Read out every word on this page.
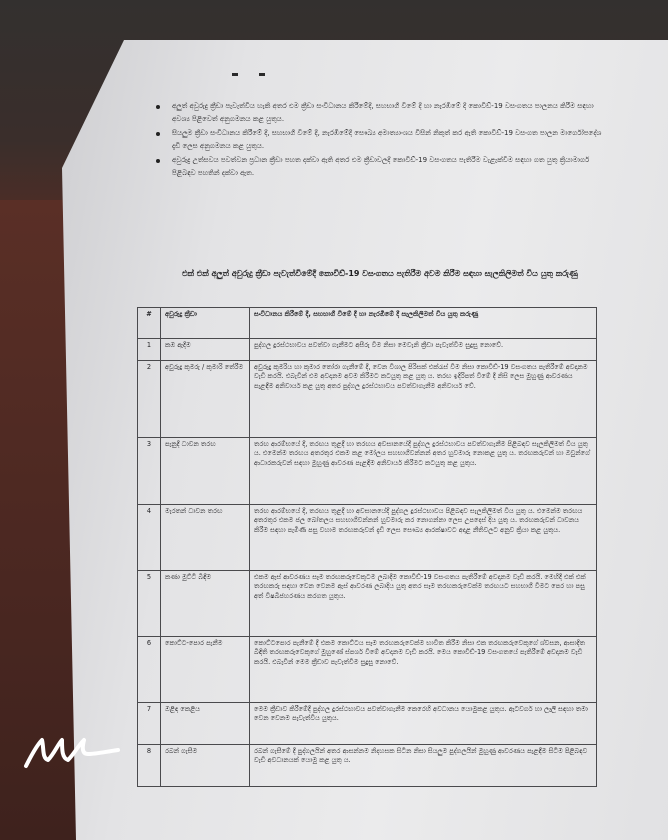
අලුත් අවුරුදු ක්‍රීඩා පැවැත්විය හැකි අතර එම ක්‍රීඩා සංවිධානය කිරීමේදී, සහභාගී වීමේ දී හා නැරඹීමේ දී කොවිඩ්-19 වසංගතය පාලනය කිරීම සඳහා අවශ්‍ය පිළිවෙත් අනුගමනය කළ යුතුය.
සියලුම ක්‍රීඩා සංවිධානය කිරීමේ දී, සහභාගී වීමේ දී, නැරඹීමේදී සෞඛ්‍ය අමාත්‍යාංශය විසින් නිකුත් කර ඇති කොවිඩ්-19 වසංගත පාලන මාර්ගෝපදේශ දැඩි ලෙස අනුගමනය කළ යුතුය.
අවුරුදු උත්සවය පවත්වන ප්‍රධාන ක්‍රීඩා පහත දක්වා ඇති අතර එම ක්‍රීඩාවලදී කොවිඩ්-19 වසංගතය පැතිරීම වැළැක්වීම සඳහා ගත යුතු ක්‍රියාමාර්ග පිළිබඳව පහතින් දක්වා ඇත.
එක් එක් අලුත් අවුරුදු ක්‍රීඩා පැවැත්වීමේදී කොවිඩ්-19 වසංගතය පැතිරීම අවම කිරීම සඳහා සැලකිලිමත් විය යුතු කරුණු
#	අවුරුදු ක්‍රීඩා	සංවිධානය කිරීමේ දී, සහභාගී වීමේ දී හා නැරඹීමේ දී සැලකිලිමත් විය යුතු කරුණු
1	කඹ ඇදීම	පුද්ගල දුරස්ථභාවය පවත්වා ගැනීමට අසීරු වීම නිසා මෙවැනි ක්‍රීඩා පැවැත්වීම සුදුසු නොවේ.
2	අවුරුදු කුමරු / කුමාරි තේරීම	අවුරුදු කුමරිය හා කුමාර තෝරා ගැනීමේ දී, වෙන විශාල පිරිසක් එක්රැස් වීම නිසා කොවිඩ්-19 වසංගතය පැතිරීමේ අවදානම වැඩි කරයි. එබැවින් එම අවදානම අවම කිරීමට කටයුතු කළ යුතු ය. තරඟ ඉදිරිපත් වීමේ දී නිසි ලෙස මුහුණු ආවරණය පැළඳීම අනිවාර්ය කළ යුතු අතර පුද්ගල දුරස්ථභාවය පවත්වාගැනීම අනිවාර්ය වේ.
3	පැනුදී ධාවන තරඟ	තරඟ ආරම්භයේ දී, තරඟය තුළදී හා තරඟය අවසානයේදී පුද්ගල දුරස්ථභාවය පවත්වාගැනීම පිළිබඳව සැලකිලිමත් විය යුතු ය. එමෙන්ම තරඟය අතරතුර එකම කළ මෝලය සහභාගීවන්නන් අතර හුවමාරු නොකළ යුතු ය. තරඟකරුවන් හා ඔවුන්ගේ ආධාරකරුවන් සඳහා මුහුණු ආවරණ පැළඳීම අනිවාර්ය කිරීමට කටයුතු කළ යුතුය.
4	මැරතන් ධාවන තරඟ	තරඟ ආරම්භයේ දී, තරඟය තුළදී හා අවසානයේදී පුද්ගල දුරස්ථභාවය පිළිබඳව සැලකිලිමත් විය යුතු ය. එමෙන්ම තරඟය අතරතුර එකම ජල බෝතලය සහභාගීවන්නන් හුවමාරු කර නොගන්නා ලෙස උපදෙස් දිය යුතු ය. තරඟකරුවන් ධාවනය කිරීම සඳහා පැමිණි පසු වහාම තරඟකරුවන් දැඩි ලෙස සෞඛ්‍ය ආරක්ෂාවට අදාළ නීතිවලට අනුව ක්‍රියා කළ යුතුය.
5	කණා මුට්ටි බිඳීම	එකම ඇස් ආවරණය සෑම තරඟකරුවෙකුටම ලබාදීම කොවිඩ්-19 වසංගතය පැතිරීමේ අවදානම වැඩි කරයි. මෙහිදී එක් එක් තරඟකරු සඳහා වෙන වෙනම ඇස් ආවරණ ලබාදිය යුතු අතර සෑම තරඟකරුවෙක්ම තරඟයට සහභාගී වීමට පෙර හා පසු අත් විෂබීජහරණය කරගත යුතුය.
6	කොට්ට-පොර පැනීම	කොට්ටපොර පැනීමේ දී එකම කොට්ටය සෑම තරඟකරුවෙක්ම භාවිත කිරීම නිසා එක තරඟකරුවෙකුගේ ශ්වසන, ආසාදිත බිඳිති තරඟකරුවෙකුගේ මුහුණේ ස්පර්ශ වීමේ අවදානම වැඩි කරයි. මෙය කොවිඩ්-19 වසංගතයේ පැතිරීමේ අවදානම වැඩි කරයි. එබැවින් මෙම ක්‍රීඩාව පැවැත්වීම සුදුසු නොවේ.
7	ඔළිඳ කෙළිය	මෙම ක්‍රීඩාව කිරීමේදී පුද්ගල දුරස්ථභාවය පවත්වාගැනීම කෙරෙහි අවධානය යොමුකළ යුතුය. ඇටවර්ග හා ලෑලි සඳහා තමා වෙන වෙනම පැවැත්විය යුතුය.
8	රබන් ගැසීම	රබන් ගැසීමේ දී පුද්ගලයින් අතර ආසන්නම නිදහසක සිටින නිසා සියලුම පුද්ගලයින් මුහුණු ආවරණය පැළඳීම සිටීම පිළිබඳව වැඩි අවධානයක් යොමු කළ යුතු ය.
